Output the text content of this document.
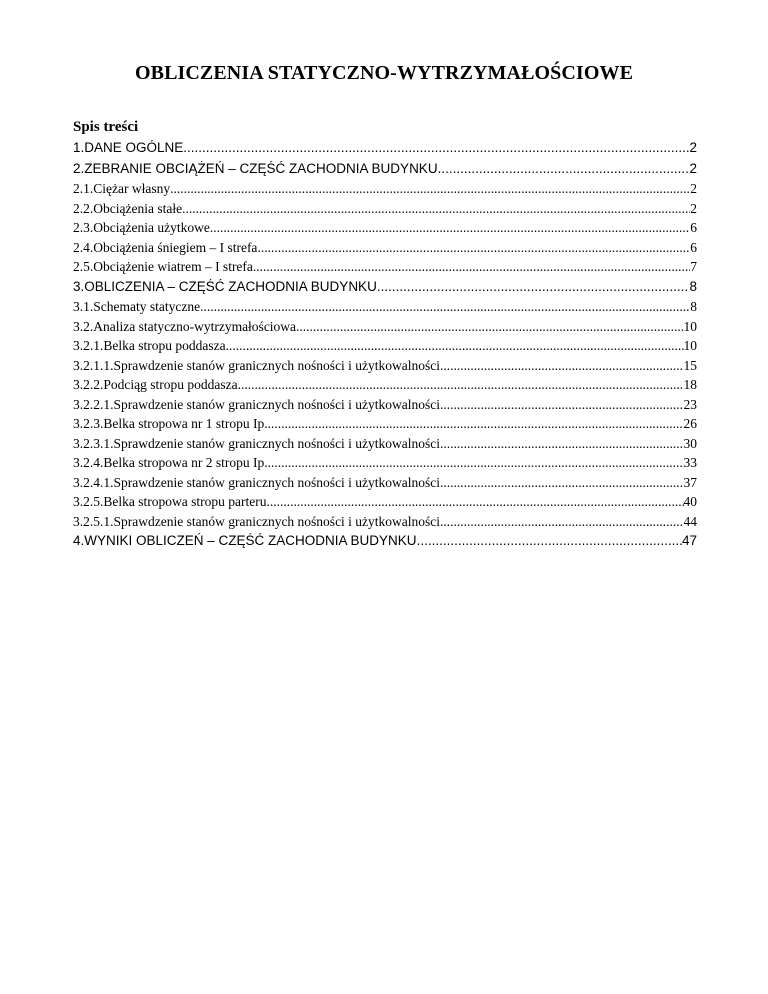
OBLICZENIA STATYCZNO-WYTRZYMAŁOŚCIOWE
Spis treści
1.DANE OGÓLNE .....	2
2.ZEBRANIE OBCIĄŻEŃ – CZĘŚĆ ZACHODNIA BUDYNKU .....	2
2.1.Ciężar własny .....	2
2.2.Obciążenia stałe .....	2
2.3.Obciążenia użytkowe .....	6
2.4.Obciążenia śniegiem – I strefa .....	6
2.5.Obciążenie wiatrem – I strefa .....	7
3.OBLICZENIA – CZĘŚĆ ZACHODNIA BUDYNKU .....	8
3.1.Schematy statyczne .....	8
3.2.Analiza statyczno-wytrzymałościowa .....	10
3.2.1.Belka stropu poddasza .....	10
3.2.1.1.Sprawdzenie stanów granicznych nośności i użytkowalności .....	15
3.2.2.Podciąg stropu poddasza .....	18
3.2.2.1.Sprawdzenie stanów granicznych nośności i użytkowalności .....	23
3.2.3.Belka stropowa nr 1 stropu Ip .....	26
3.2.3.1.Sprawdzenie stanów granicznych nośności i użytkowalności .....	30
3.2.4.Belka stropowa nr 2 stropu Ip .....	33
3.2.4.1.Sprawdzenie stanów granicznych nośności i użytkowalności .....	37
3.2.5.Belka stropowa stropu parteru .....	40
3.2.5.1.Sprawdzenie stanów granicznych nośności i użytkowalności .....	44
4.WYNIKI OBLICZEŃ – CZĘŚĆ ZACHODNIA BUDYNKU .....	47
